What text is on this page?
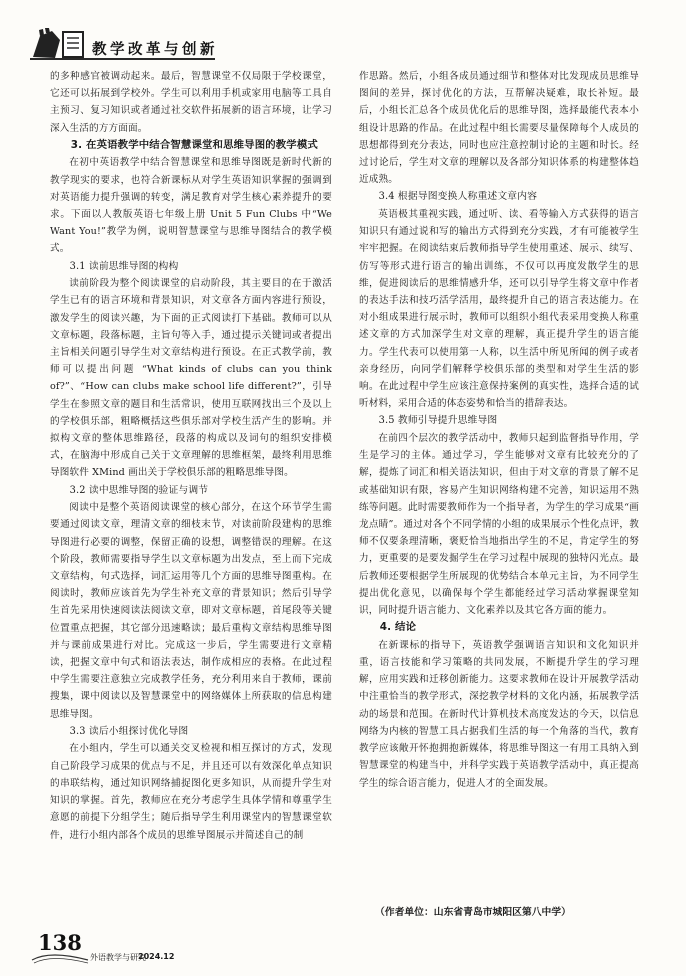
教学改革与创新

的多种感官被调动起来。最后，智慧课堂不仅局限于学校课堂，它还可以拓展到学校外。学生可以利用手机或家用电脑等工具自主预习、复习知识或者通过社交软件拓展新的语言环境，让学习深入生活的方方面面。

3. 在英语教学中结合智慧课堂和思维导图的教学模式

在初中英语教学中结合智慧课堂和思维导图既是新时代新的教学现实的要求，也符合新课标从对学生英语知识掌握的强调到对英语能力提升强调的转变，满足教育对学生核心素养提升的要求。下面以人教版英语七年级上册 Unit 5 Fun Clubs 中“We Want You!”教学为例，说明智慧课堂与思维导图结合的教学模式。

3.1 读前思维导图的构构

读前阶段为整个阅读课堂的启动阶段，其主要目的在于激活学生已有的语言环境和背景知识，对文章各方面内容进行预设，激发学生的阅读兴趣，为下面的正式阅读打下基础。教师可以从文章标题，段落标题，主旨句等入手，通过提示关键词或者提出主旨相关问题引导学生对文章结构进行预设。在正式教学前，教师可以提出问题 “What kinds of clubs can you think of?”、“How can clubs make school life different?”，引导学生在参照文章的题目和生活常识，使用互联网找出三个及以上的学校俱乐部，粗略概括这些俱乐部对学校生活产生的影响。并拟构文章的整体思维路径，段落的构成以及词句的组织安排模式，在脑海中形成自己关于文章理解的思维框架，最终利用思维导图软件 XMind 画出关于学校俱乐部的粗略思维导图。

3.2 读中思维导图的验证与调节

阅读中是整个英语阅读课堂的核心部分，在这个环节学生需要通过阅读文章，理清文章的细枝末节，对读前阶段建构的思维导图进行必要的调整，保留正确的设想，调整错误的理解。在这个阶段，教师需要指导学生以文章标题为出发点，至上而下完成文章结构，句式选择，词汇运用等几个方面的思维导图重构。在阅读时，教师应该首先为学生补充文章的背景知识；然后引导学生首先采用快速阅读法阅读文章，即对文章标题，首尾段等关键位置重点把握，其它部分迅速略读；最后重构文章结构思维导图并与课前成果进行对比。完成这一步后，学生需要进行文章精读，把握文章中句式和语法表达，制作成相应的表格。在此过程中学生需要注意独立完成教学任务，充分利用来自于教师，课前搜集，课中阅读以及智慧课堂中的网络媒体上所获取的信息构建思维导图。

3.3 读后小组探讨优化导图

在小组内，学生可以通关交叉检视和相互探讨的方式，发现自己阶段学习成果的优点与不足，并且还可以有效深化单点知识的串联结构，通过知识网络捕捉图化更多知识，从而提升学生对知识的掌握。首先，教师应在充分考虑学生具体学情和尊重学生意愿的前提下分组学生；随后指导学生利用课堂内的智慧课堂软件，进行小组内部各个成员的思维导图展示并简述自己的制

作思路。然后，小组各成员通过细节和整体对比发现成员思维导图间的差异，探讨优化的方法，互帮解决疑难，取长补短。最后，小组长汇总各个成员优化后的思维导图，选择最能代表本小组设计思路的作品。在此过程中组长需要尽量保障每个人成员的思想都得到充分表达，同时也应注意控制讨论的主题和时长。经过讨论后，学生对文章的理解以及各部分知识体系的构建整体趋近成熟。

3.4 根据导图变换人称重述文章内容

英语极其重视实践，通过听、读、看等输入方式获得的语言知识只有通过说和写的输出方式得到充分实践，才有可能被学生牢牢把握。在阅读结束后教师指导学生使用重述、展示、续写、仿写等形式进行语言的输出训练，不仅可以再度发散学生的思维，促进阅读后的思维情感升华，还可以引导学生将文章中作者的表达手法和技巧活学活用，最终提升自己的语言表达能力。在对小组成果进行展示时，教师可以组织小组代表采用变换人称重述文章的方式加深学生对文章的理解，真正提升学生的语言能力。学生代表可以使用第一人称，以生活中所见所闻的例子或者亲身经历，向同学们解释学校俱乐部的类型和对学生生活的影响。在此过程中学生应该注意保持案例的真实性，选择合适的试听材料，采用合适的体态姿势和恰当的措辞表达。

3.5 教师引导提升思维导图

在前四个层次的教学活动中，教师只起到监督指导作用，学生是学习的主体。通过学习，学生能够对文章有比较充分的了解，提炼了词汇和相关语法知识，但由于对文章的背景了解不足或基础知识有限，容易产生知识网络构建不完善，知识运用不熟练等问题。此时需要教师作为一个指导者，为学生的学习成果“画龙点睛”。通过对各个不同学情的小组的成果展示个性化点评，教师不仅要条理清晰，褒贬恰当地指出学生的不足，肯定学生的努力，更重要的是要发掘学生在学习过程中展现的独特闪光点。最后教师还要根据学生所展现的优势结合本单元主旨，为不同学生提出优化意见，以确保每个学生都能经过学习活动掌握课堂知识，同时提升语言能力、文化素养以及其它各方面的能力。

4. 结论

在新课标的指导下，英语教学强调语言知识和文化知识并重，语言技能和学习策略的共同发展，不断提升学生的学习理解，应用实践和迁移创新能力。这要求教师在设计开展教学活动中注重恰当的教学形式，深挖教学材料的文化内涵，拓展教学活动的场景和范围。在新时代计算机技术高度发达的今天，以信息网络为内核的智慧工具占据我们生活的每一个角落的当代，教育教学应该敞开怀抱拥抱新媒体，将思维导图这一有用工具纳入到智慧课堂的构建当中，并科学实践于英语教学活动中，真正提高学生的综合语言能力，促进人才的全面发展。

（作者单位：山东省青岛市城阳区第八中学）
138
外语教学与研究
2024.12
